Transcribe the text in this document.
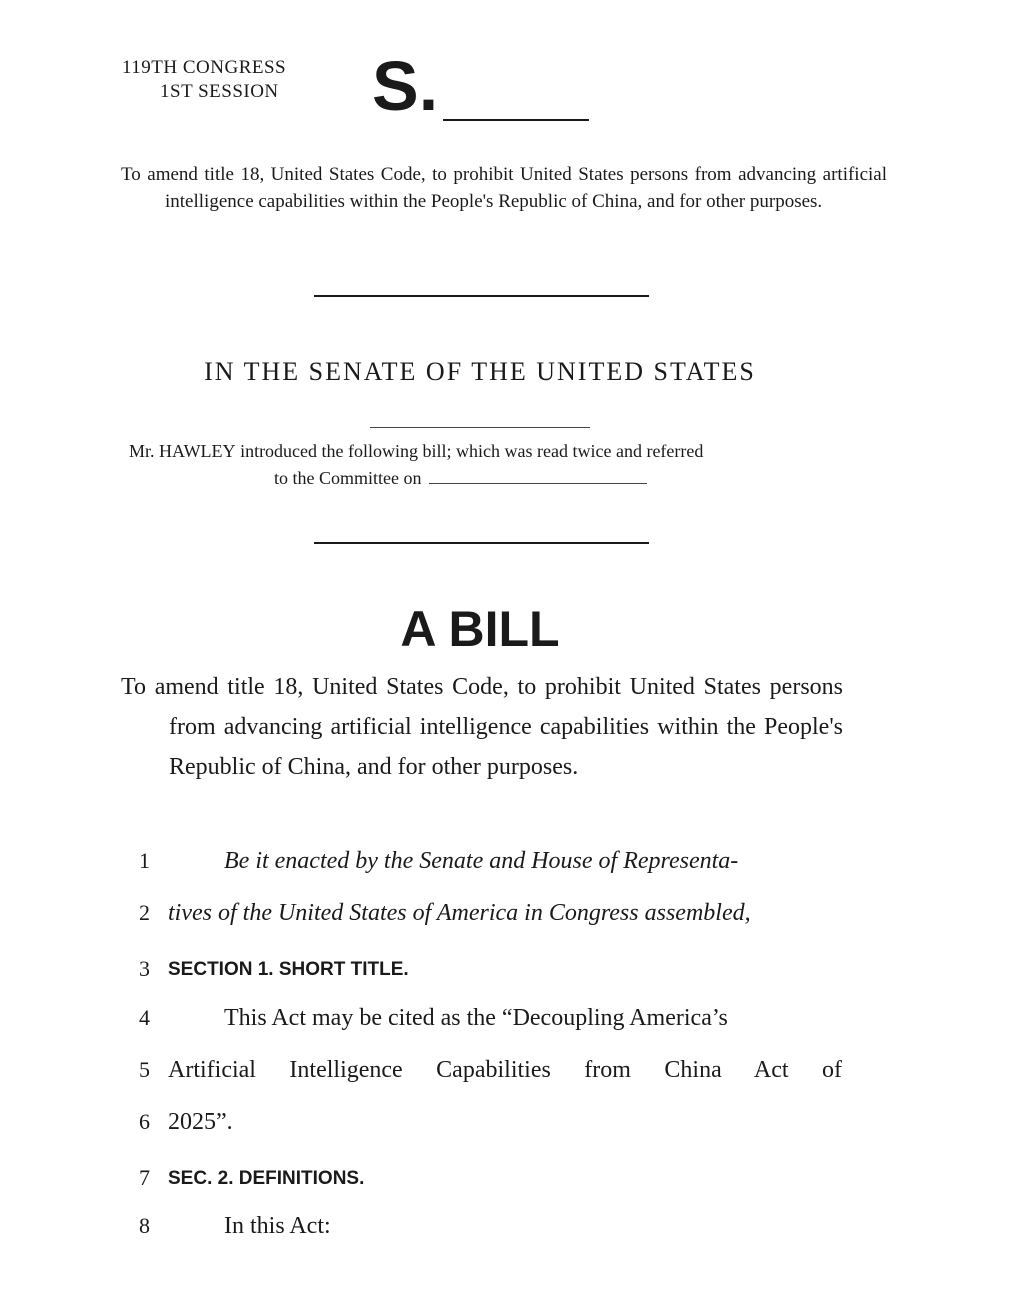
119TH CONGRESS
1ST SESSION S.
To amend title 18, United States Code, to prohibit United States persons from advancing artificial intelligence capabilities within the People's Republic of China, and for other purposes.
IN THE SENATE OF THE UNITED STATES
Mr. HAWLEY introduced the following bill; which was read twice and referred
to the Committee on
A BILL

To amend title 18, United States Code, to prohibit United States persons from advancing artificial intelligence capabilities within the People's Republic of China, and for other purposes.

1	Be it enacted by the Senate and House of Representa-
2 tives of the United States of America in Congress assembled,
3 SECTION 1. SHORT TITLE.
4	This Act may be cited as the “Decoupling America’s
5 Artificial Intelligence Capabilities from China Act of
6 2025”.
7 SEC. 2. DEFINITIONS.
8	In this Act:
